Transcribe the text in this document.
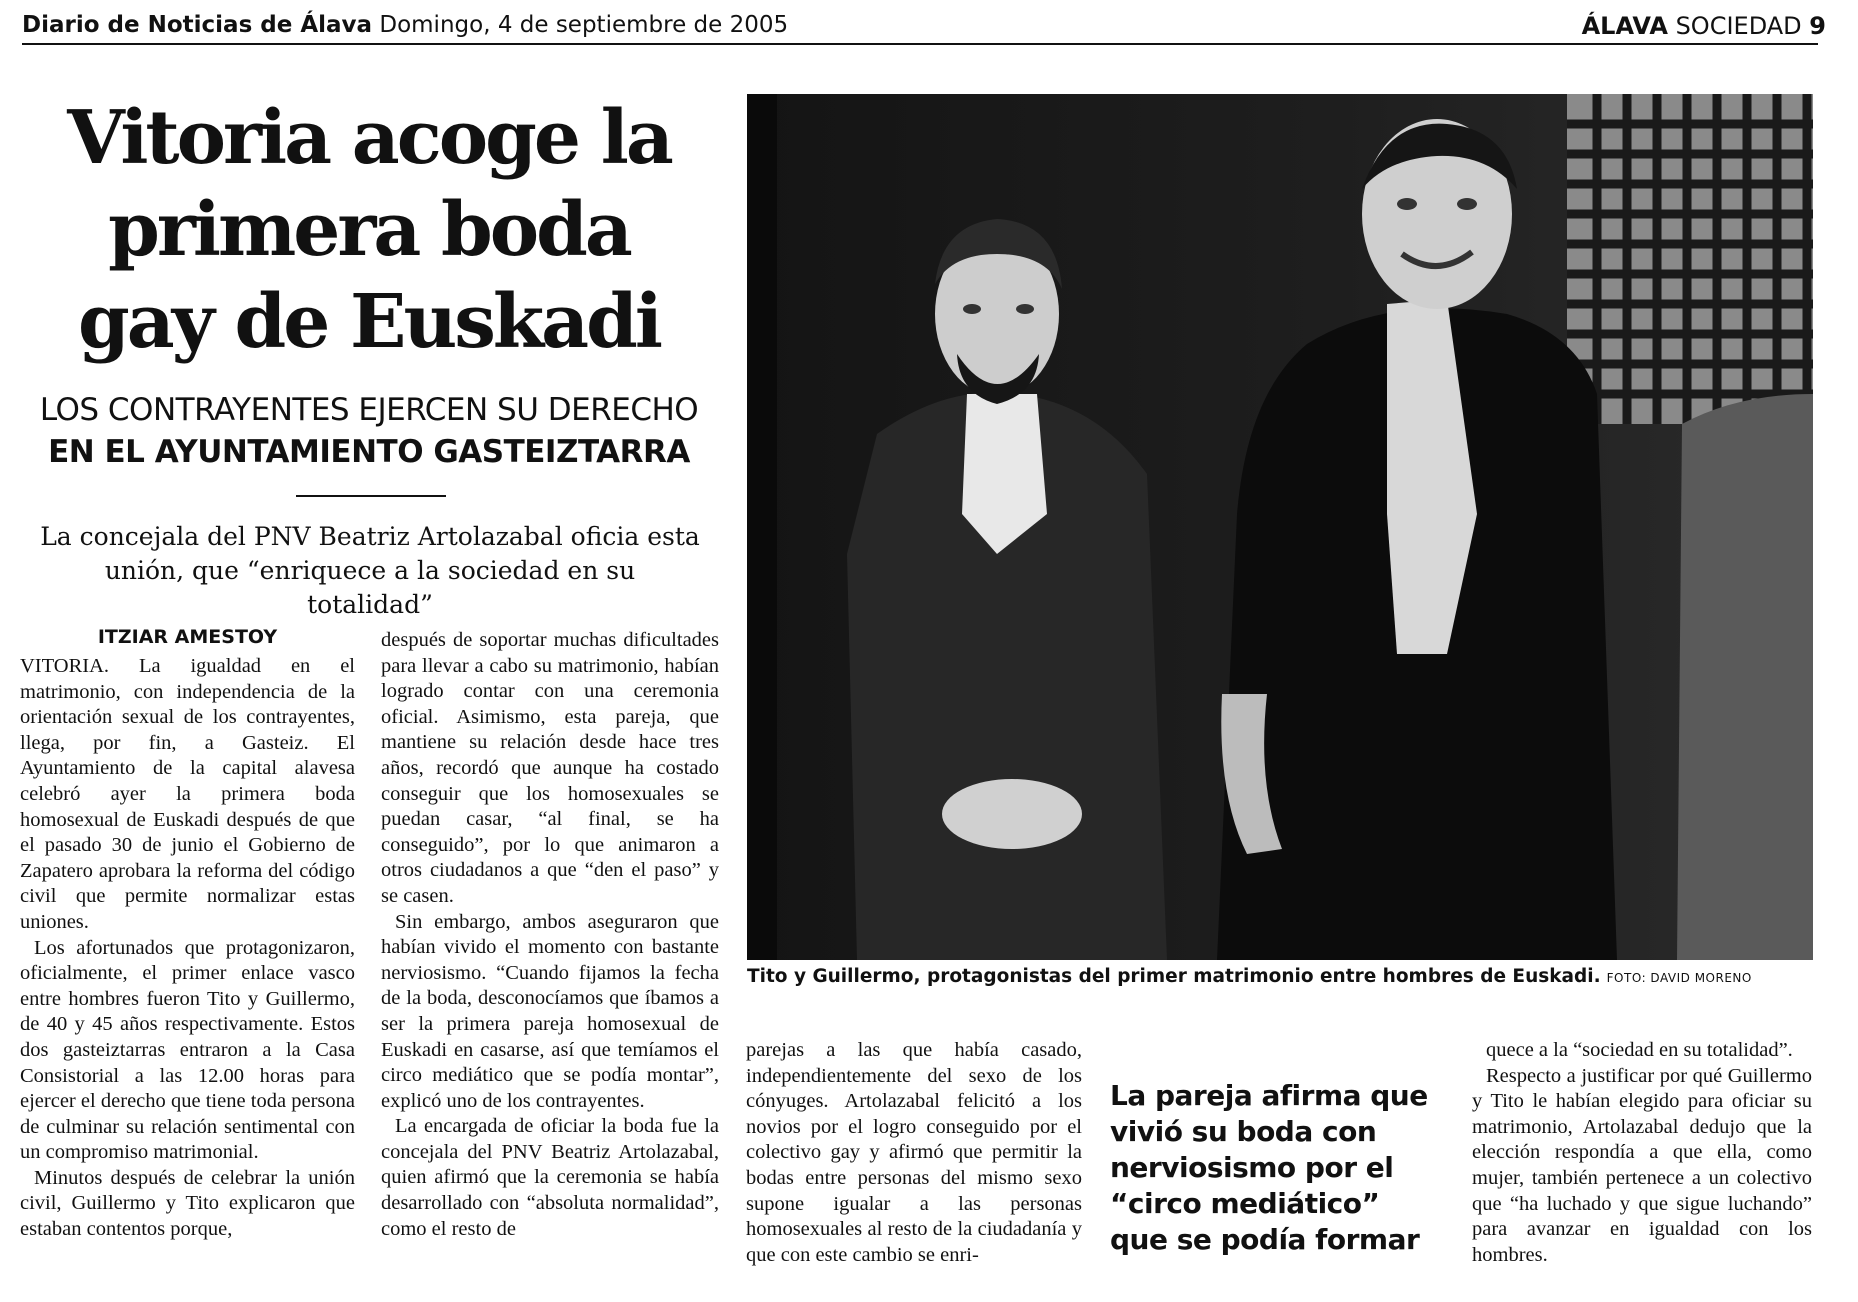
Diario de Noticias de Álava Domingo, 4 de septiembre de 2005	ÁLAVA SOCIEDAD 9
Vitoria acoge la
primera boda
gay de Euskadi
LOS CONTRAYENTES EJERCEN SU DERECHO
EN EL AYUNTAMIENTO GASTEIZTARRA
La concejala del PNV Beatriz Artolazabal oficia esta unión, que “enriquece a la sociedad en su totalidad”
ITZIAR AMESTOY

VITORIA. La igualdad en el matrimonio, con independencia de la orientación sexual de los contrayentes, llega, por fin, a Gasteiz. El Ayuntamiento de la capital alavesa celebró ayer la primera boda homosexual de Euskadi después de que el pasado 30 de junio el Gobierno de Zapatero aprobara la reforma del código civil que permite normalizar estas uniones.

Los afortunados que protagonizaron, oficialmente, el primer enlace vasco entre hombres fueron Tito y Guillermo, de 40 y 45 años respectivamente. Estos dos gasteiztarras entraron a la Casa Consistorial a las 12.00 horas para ejercer el derecho que tiene toda persona de culminar su relación sentimental con un compromiso matrimonial.

Minutos después de celebrar la unión civil, Guillermo y Tito explicaron que estaban contentos porque,

después de soportar muchas dificultades para llevar a cabo su matrimonio, habían logrado contar con una ceremonia oficial. Asimismo, esta pareja, que mantiene su relación desde hace tres años, recordó que aunque ha costado conseguir que los homosexuales se puedan casar, “al final, se ha conseguido”, por lo que animaron a otros ciudadanos a que “den el paso” y se casen.

Sin embargo, ambos aseguraron que habían vivido el momento con bastante nerviosismo. “Cuando fijamos la fecha de la boda, desconocíamos que íbamos a ser la primera pareja homosexual de Euskadi en casarse, así que temíamos el circo mediático que se podía montar”, explicó uno de los contrayentes.

La encargada de oficiar la boda fue la concejala del PNV Beatriz Artolazabal, quien afirmó que la ceremonia se había desarrollado con “absoluta normalidad”, como el resto de

Tito y Guillermo, protagonistas del primer matrimonio entre hombres de Euskadi. FOTO: DAVID MORENO

parejas a las que había casado, independientemente del sexo de los cónyuges. Artolazabal felicitó a los novios por el logro conseguido por el colectivo gay y afirmó que permitir la bodas entre personas del mismo sexo supone igualar a las personas homosexuales al resto de la ciudadanía y que con este cambio se enri-

La pareja afirma que vivió su boda con nerviosismo por el “circo mediático” que se podía formar

quece a la “sociedad en su totalidad”.

Respecto a justificar por qué Guillermo y Tito le habían elegido para oficiar su matrimonio, Artolazabal dedujo que la elección respondía a que ella, como mujer, también pertenece a un colectivo que “ha luchado y que sigue luchando” para avanzar en igualdad con los hombres.
